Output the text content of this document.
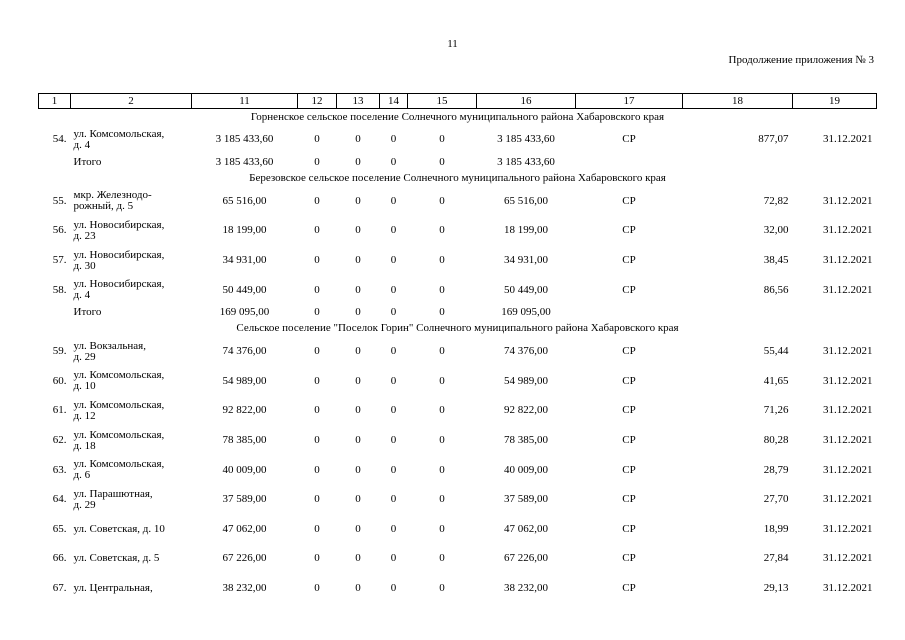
11
Продолжение приложения № 3
1	2	11	12	13	14	15	16	17	18	19
Горненское сельское поселение Солнечного муниципального района Хабаровского края										
54.	ул. Комсомольская,
д. 4	3 185 433,60	0	0	0	0	3 185 433,60	СР	877,07	31.12.2021
	Итого	3 185 433,60	0	0	0	0	3 185 433,60			
Березовское сельское поселение Солнечного муниципального района Хабаровского края										
55.	мкр. Железнодо-
рожный, д. 5	65 516,00	0	0	0	0	65 516,00	СР	72,82	31.12.2021
56.	ул. Новосибирская,
д. 23	18 199,00	0	0	0	0	18 199,00	СР	32,00	31.12.2021
57.	ул. Новосибирская,
д. 30	34 931,00	0	0	0	0	34 931,00	СР	38,45	31.12.2021
58.	ул. Новосибирская,
д. 4	50 449,00	0	0	0	0	50 449,00	СР	86,56	31.12.2021
	Итого	169 095,00	0	0	0	0	169 095,00			
Сельское поселение "Поселок Горин" Солнечного муниципального района Хабаровского края										
59.	ул. Вокзальная,
д. 29	74 376,00	0	0	0	0	74 376,00	СР	55,44	31.12.2021
60.	ул. Комсомольская,
д. 10	54 989,00	0	0	0	0	54 989,00	СР	41,65	31.12.2021
61.	ул. Комсомольская,
д. 12	92 822,00	0	0	0	0	92 822,00	СР	71,26	31.12.2021
62.	ул. Комсомольская,
д. 18	78 385,00	0	0	0	0	78 385,00	СР	80,28	31.12.2021
63.	ул. Комсомольская,
д. 6	40 009,00	0	0	0	0	40 009,00	СР	28,79	31.12.2021
64.	ул. Парашютная,
д. 29	37 589,00	0	0	0	0	37 589,00	СР	27,70	31.12.2021
65.	ул. Советская, д. 10	47 062,00	0	0	0	0	47 062,00	СР	18,99	31.12.2021
66.	ул. Советская, д. 5	67 226,00	0	0	0	0	67 226,00	СР	27,84	31.12.2021
67.	ул. Центральная,	38 232,00	0	0	0	0	38 232,00	СР	29,13	31.12.2021
